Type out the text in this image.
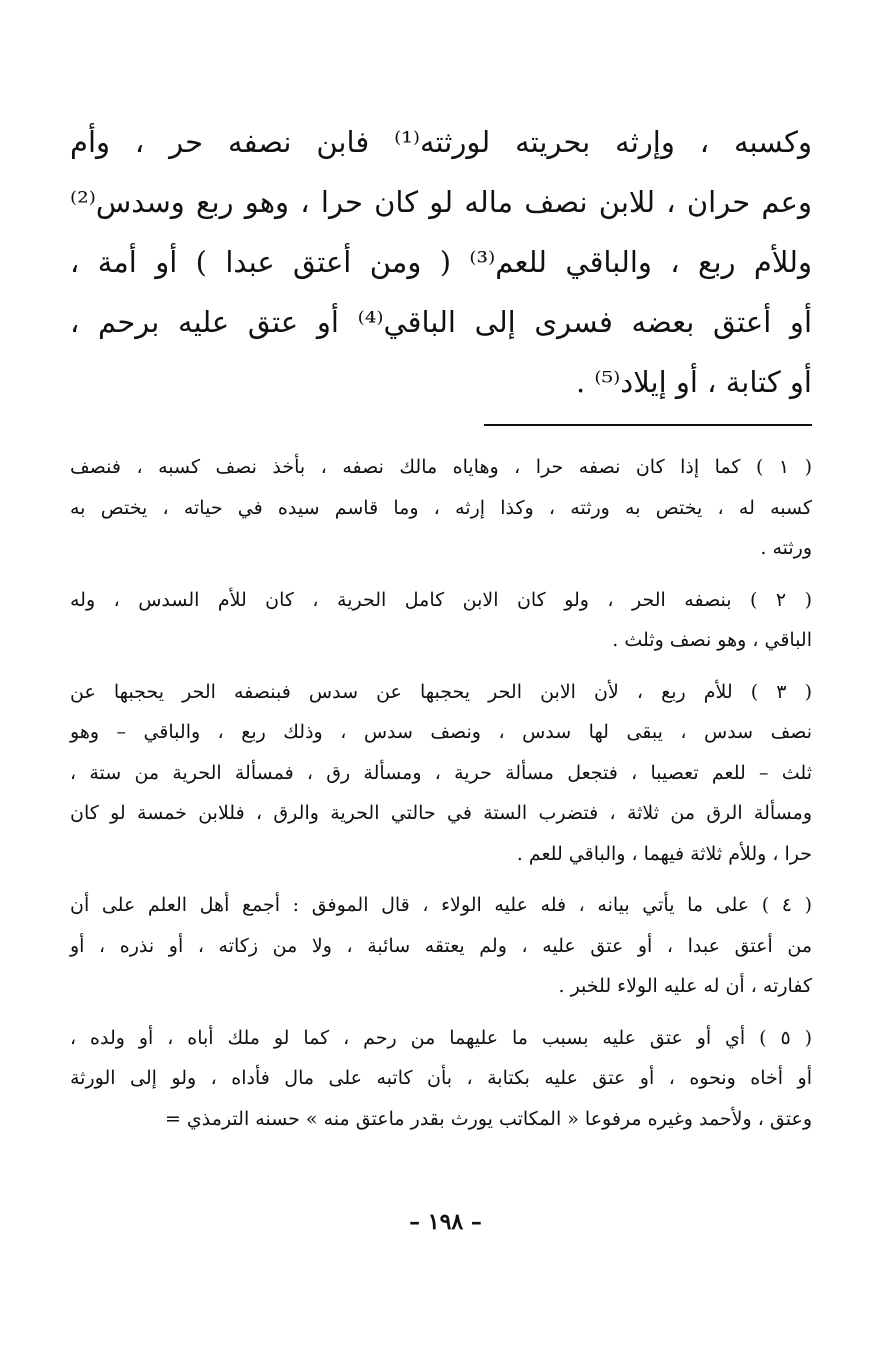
وكسبه ، وإرثه بحريته لورثته⁽¹⁾ فابن نصفه حر ، وأم
وعم حران ، للابن نصف ماله لو كان حرا ، وهو ربع وسدس⁽²⁾
وللأم ربع ، والباقي للعم⁽³⁾ ( ومن أعتق عبدا ) أو أمة ،
أو أعتق بعضه فسرى إلى الباقي⁽⁴⁾ أو عتق عليه برحم ،
أو كتابة ، أو إيلاد⁽⁵⁾ .
( ١ ) كما إذا كان نصفه حرا ، وهاياه مالك نصفه ، بأخذ نصف كسبه ، فنصف
كسبه له ، يختص به ورثته ، وكذا إرثه ، وما قاسم سيده في حياته ، يختص به
ورثته .
( ٢ ) بنصفه الحر ، ولو كان الابن كامل الحرية ، كان للأم السدس ، وله
الباقي ، وهو نصف وثلث .
( ٣ ) للأم ربع ، لأن الابن الحر يحجبها عن سدس فبنصفه الحر يحجبها عن
نصف سدس ، يبقى لها سدس ، ونصف سدس ، وذلك ربع ، والباقي – وهو
ثلث – للعم تعصيبا ، فتجعل مسألة حرية ، ومسألة رق ، فمسألة الحرية من ستة ،
ومسألة الرق من ثلاثة ، فتضرب الستة في حالتي الحرية والرق ، فللابن خمسة لو كان
حرا ، وللأم ثلاثة فيهما ، والباقي للعم .
( ٤ ) على ما يأتي بيانه ، فله عليه الولاء ، قال الموفق : أجمع أهل العلم على أن
من أعتق عبدا ، أو عتق عليه ، ولم يعتقه سائبة ، ولا من زكاته ، أو نذره ، أو
كفارته ، أن له عليه الولاء للخبر .
( ٥ ) أي أو عتق عليه بسبب ما عليهما من رحم ، كما لو ملك أباه ، أو ولده ،
أو أخاه ونحوه ، أو عتق عليه بكتابة ، بأن كاتبه على مال فأداه ، ولو إلى الورثة
وعتق ، ولأحمد وغيره مرفوعا « المكاتب يورث بقدر ماعتق منه » حسنه الترمذي =
– ١٩٨ –
